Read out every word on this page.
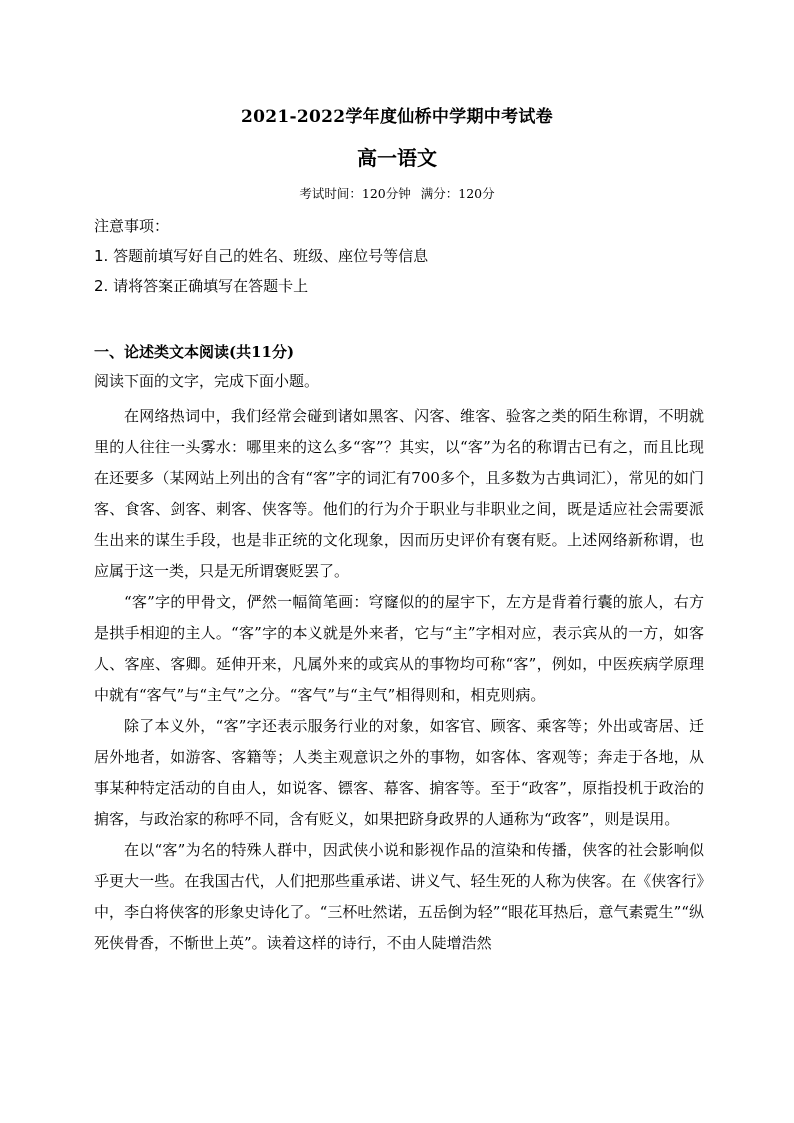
2021-2022学年度仙桥中学期中考试卷
高一语文
考试时间：120分钟 满分：120分
注意事项：
1. 答题前填写好自己的姓名、班级、座位号等信息
2. 请将答案正确填写在答题卡上
一、论述类文本阅读(共11分)
阅读下面的文字，完成下面小题。

在网络热词中，我们经常会碰到诸如黑客、闪客、维客、验客之类的陌生称谓，不明就里的人往往一头雾水：哪里来的这么多“客”？其实，以“客”为名的称谓古已有之，而且比现在还要多（某网站上列出的含有“客”字的词汇有700多个，且多数为古典词汇），常见的如门客、食客、剑客、刺客、侠客等。他们的行为介于职业与非职业之间，既是适应社会需要派生出来的谋生手段，也是非正统的文化现象，因而历史评价有褒有贬。上述网络新称谓，也应属于这一类，只是无所谓褒贬罢了。

“客”字的甲骨文，俨然一幅简笔画：穹窿似的的屋宇下，左方是背着行囊的旅人，右方是拱手相迎的主人。“客”字的本义就是外来者，它与“主”字相对应，表示宾从的一方，如客人、客座、客卿。延伸开来，凡属外来的或宾从的事物均可称“客”，例如，中医疾病学原理中就有“客气”与“主气”之分。“客气”与“主气”相得则和，相克则病。

除了本义外，“客”字还表示服务行业的对象，如客官、顾客、乘客等；外出或寄居、迁居外地者，如游客、客籍等；人类主观意识之外的事物，如客体、客观等；奔走于各地，从事某种特定活动的自由人，如说客、镖客、幕客、掮客等。至于“政客”，原指投机于政治的掮客，与政治家的称呼不同，含有贬义，如果把跻身政界的人通称为“政客”，则是误用。

在以“客”为名的特殊人群中，因武侠小说和影视作品的渲染和传播，侠客的社会影响似乎更大一些。在我国古代，人们把那些重承诺、讲义气、轻生死的人称为侠客。在《侠客行》中，李白将侠客的形象史诗化了。“三杯吐然诺，五岳倒为轻”“眼花耳热后，意气素霓生”“纵死侠骨香，不惭世上英”。读着这样的诗行，不由人陡增浩然
